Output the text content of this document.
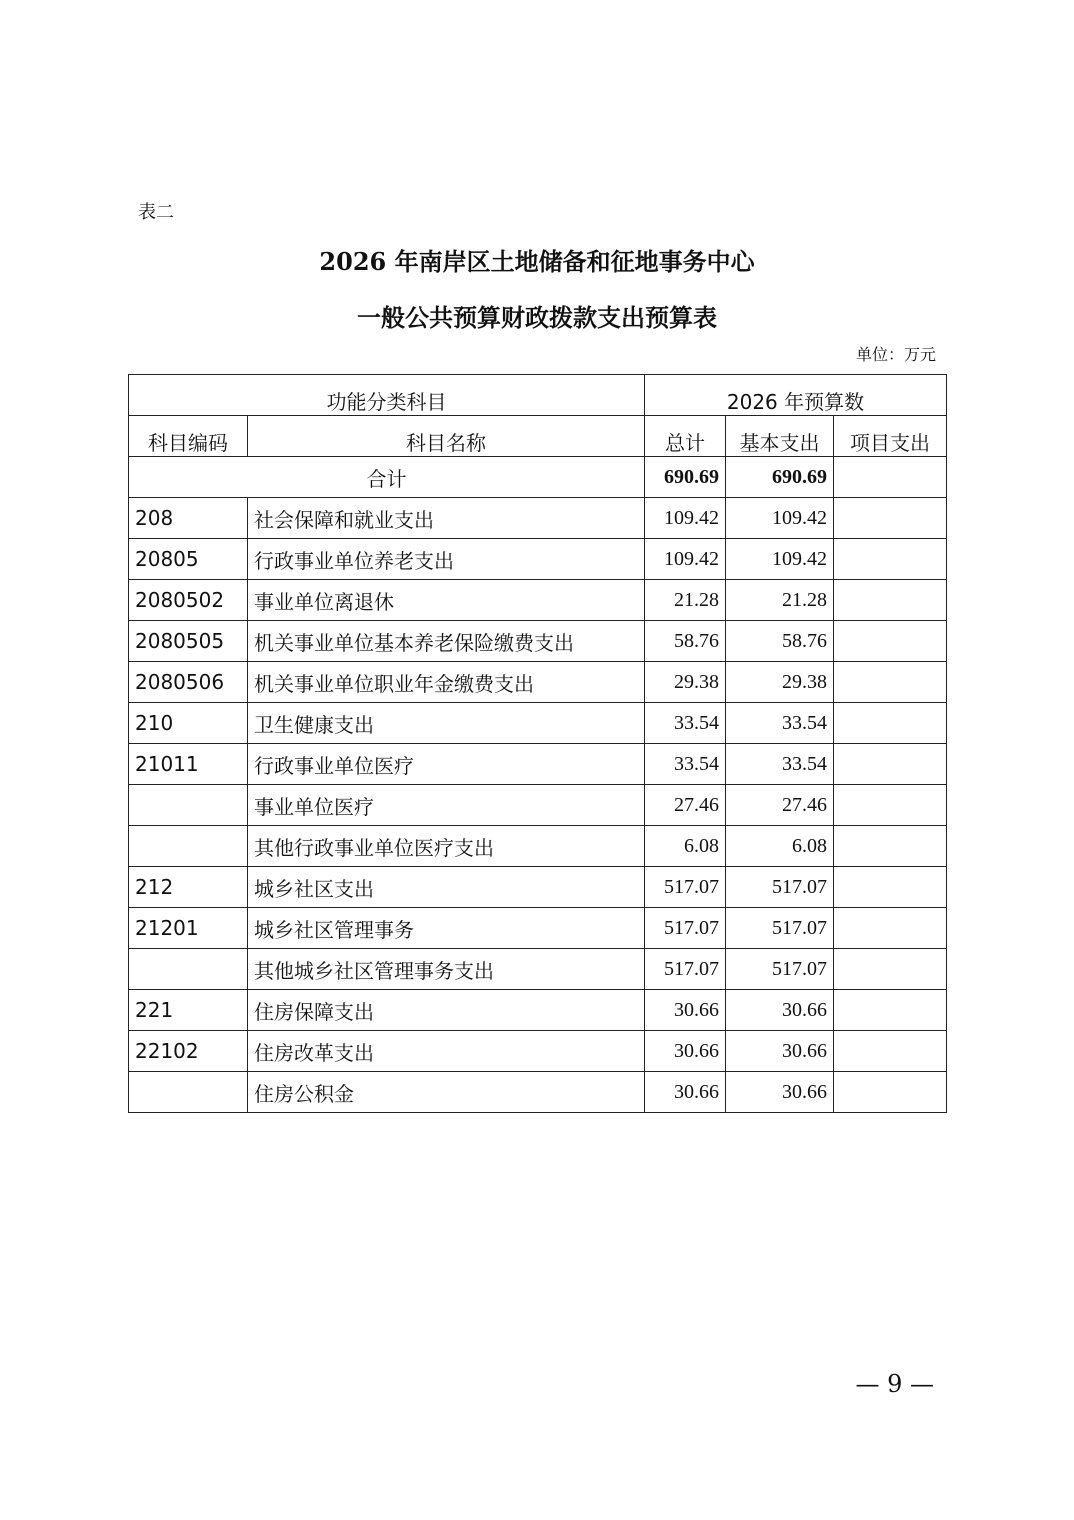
表二
2026 年南岸区土地储备和征地事务中心
一般公共预算财政拨款支出预算表
单位：万元
功能分类科目		2026 年预算数		
科目编码	科目名称	总计	基本支出	项目支出
合计		690.69	690.69	
208	社会保障和就业支出	109.42	109.42	
20805	行政事业单位养老支出	109.42	109.42	
2080502	事业单位离退休	21.28	21.28	
2080505	机关事业单位基本养老保险缴费支出	58.76	58.76	
2080506	机关事业单位职业年金缴费支出	29.38	29.38	
210	卫生健康支出	33.54	33.54	
21011	行政事业单位医疗	33.54	33.54	
	事业单位医疗	27.46	27.46	
	其他行政事业单位医疗支出	6.08	6.08	
212	城乡社区支出	517.07	517.07	
21201	城乡社区管理事务	517.07	517.07	
	其他城乡社区管理事务支出	517.07	517.07	
221	住房保障支出	30.66	30.66	
22102	住房改革支出	30.66	30.66	
	住房公积金	30.66	30.66	
— 9 —
